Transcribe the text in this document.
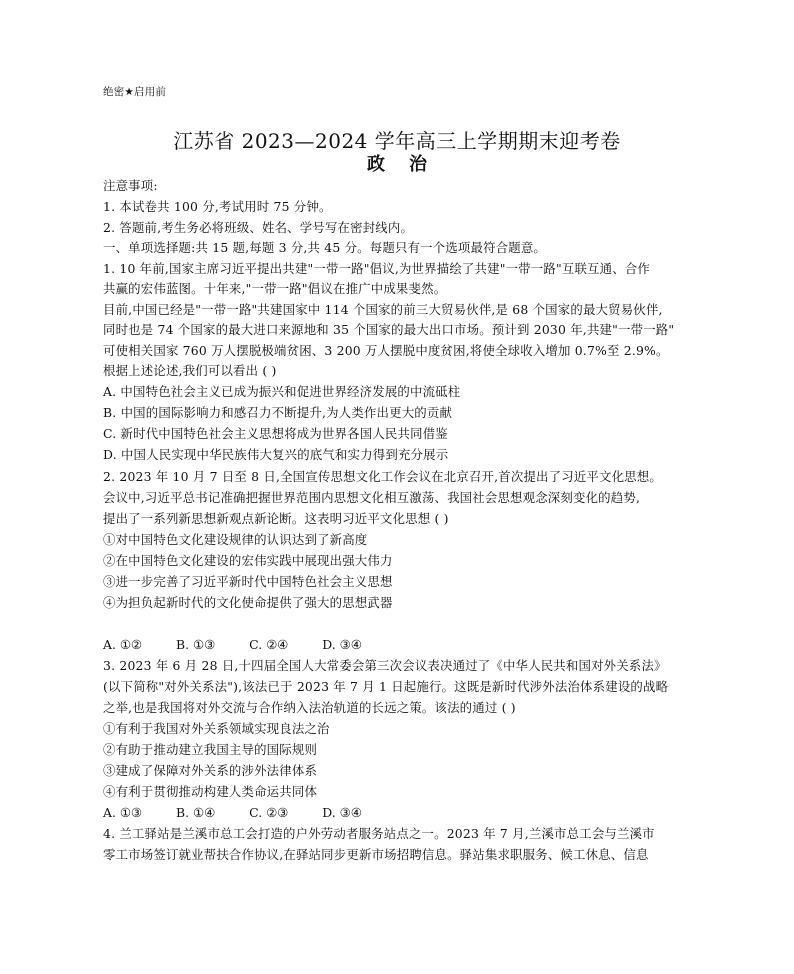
绝密★启用前
江苏省 2023—2024 学年高三上学期期末迎考卷
政治
注意事项:
1. 本试卷共 100 分,考试用时 75 分钟。
2. 答题前,考生务必将班级、姓名、学号写在密封线内。
一、单项选择题:共 15 题,每题 3 分,共 45 分。每题只有一个选项最符合题意。
1. 10 年前,国家主席习近平提出共建"一带一路"倡议,为世界描绘了共建"一带一路"互联互通、合作
共赢的宏伟蓝图。十年来,"一带一路"倡议在推广中成果斐然。
目前,中国已经是"一带一路"共建国家中 114 个国家的前三大贸易伙伴,是 68 个国家的最大贸易伙伴,
同时也是 74 个国家的最大进口来源地和 35 个国家的最大出口市场。预计到 2030 年,共建"一带一路"
可使相关国家 760 万人摆脱极端贫困、3 200 万人摆脱中度贫困,将使全球收入增加 0.7%至 2.9%。
根据上述论述,我们可以看出 ( )
A. 中国特色社会主义已成为振兴和促进世界经济发展的中流砥柱
B. 中国的国际影响力和感召力不断提升,为人类作出更大的贡献
C. 新时代中国特色社会主义思想将成为世界各国人民共同借鉴
D. 中国人民实现中华民族伟大复兴的底气和实力得到充分展示
2. 2023 年 10 月 7 日至 8 日,全国宣传思想文化工作会议在北京召开,首次提出了习近平文化思想。
会议中,习近平总书记准确把握世界范围内思想文化相互激荡、我国社会思想观念深刻变化的趋势,
提出了一系列新思想新观点新论断。这表明习近平文化思想 ( )
①对中国特色文化建设规律的认识达到了新高度
②在中国特色文化建设的宏伟实践中展现出强大伟力
③进一步完善了习近平新时代中国特色社会主义思想
④为担负起新时代的文化使命提供了强大的思想武器
A. ①②	B. ①③	C. ②④	D. ③④
3. 2023 年 6 月 28 日,十四届全国人大常委会第三次会议表决通过了《中华人民共和国对外关系法》
(以下简称"对外关系法"),该法已于 2023 年 7 月 1 日起施行。这既是新时代涉外法治体系建设的战略
之举,也是我国将对外交流与合作纳入法治轨道的长远之策。该法的通过 ( )
①有利于我国对外关系领域实现良法之治
②有助于推动建立我国主导的国际规则
③建成了保障对外关系的涉外法律体系
④有利于贯彻推动构建人类命运共同体
A. ①③	B. ①④	C. ②③	D. ③④
4. 兰工驿站是兰溪市总工会打造的户外劳动者服务站点之一。2023 年 7 月,兰溪市总工会与兰溪市
零工市场签订就业帮扶合作协议,在驿站同步更新市场招聘信息。驿站集求职服务、候工休息、信息
